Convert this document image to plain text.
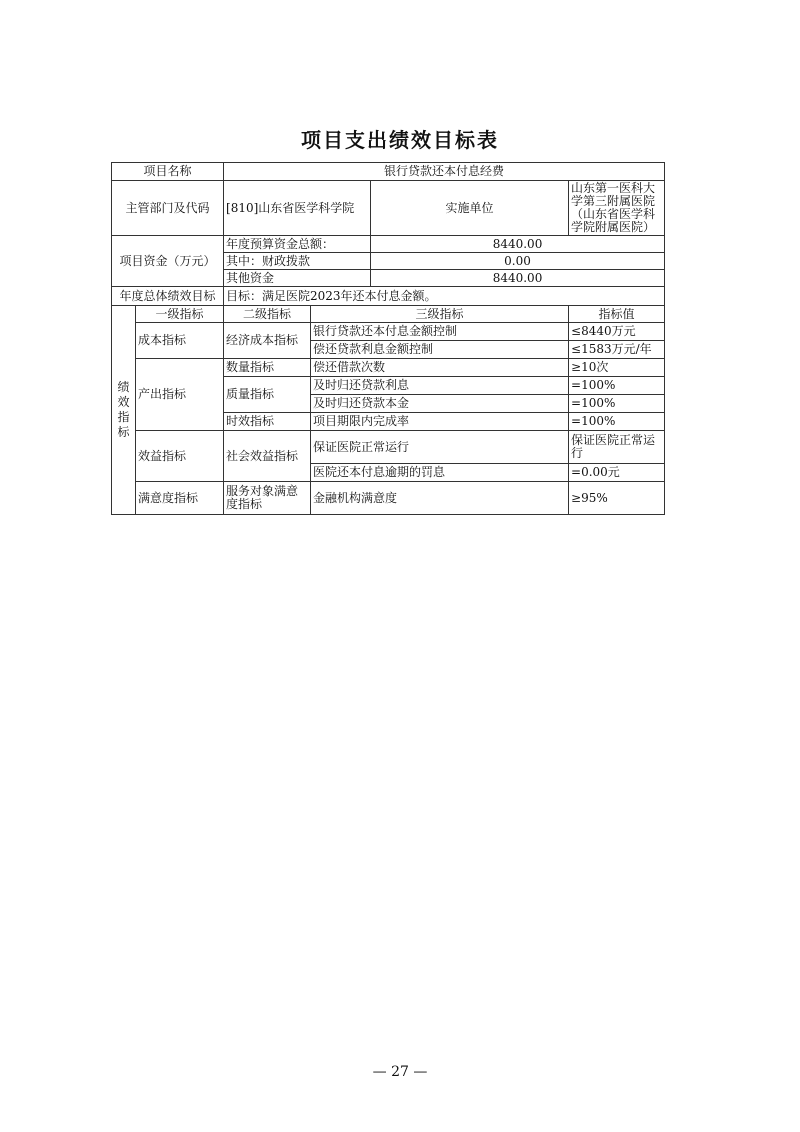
项目支出绩效目标表
项目名称		银行贷款还本付息经费			
主管部门及代码		[810]山东省医学科学院		实施单位	山东第一医科大学第三附属医院（山东省医学科学院附属医院）
项目资金（万元）		年度预算资金总额：		8440.00	
		其中：财政拨款		0.00	
		其他资金		8440.00	
年度总体绩效目标		目标：满足医院2023年还本付息金额。			
绩效指标	一级指标	二级指标	三级指标		指标值
	成本指标	经济成本指标	银行贷款还本付息金额控制		≤8440万元
			偿还贷款利息金额控制		≤1583万元/年
	产出指标	数量指标	偿还借款次数		≥10次
		质量指标	及时归还贷款利息		=100%
			及时归还贷款本金		=100%
		时效指标	项目期限内完成率		=100%
	效益指标	社会效益指标	保证医院正常运行		保证医院正常运行
			医院还本付息逾期的罚息		=0.00元
	满意度指标	服务对象满意度指标	金融机构满意度		≥95%
— 27 —
